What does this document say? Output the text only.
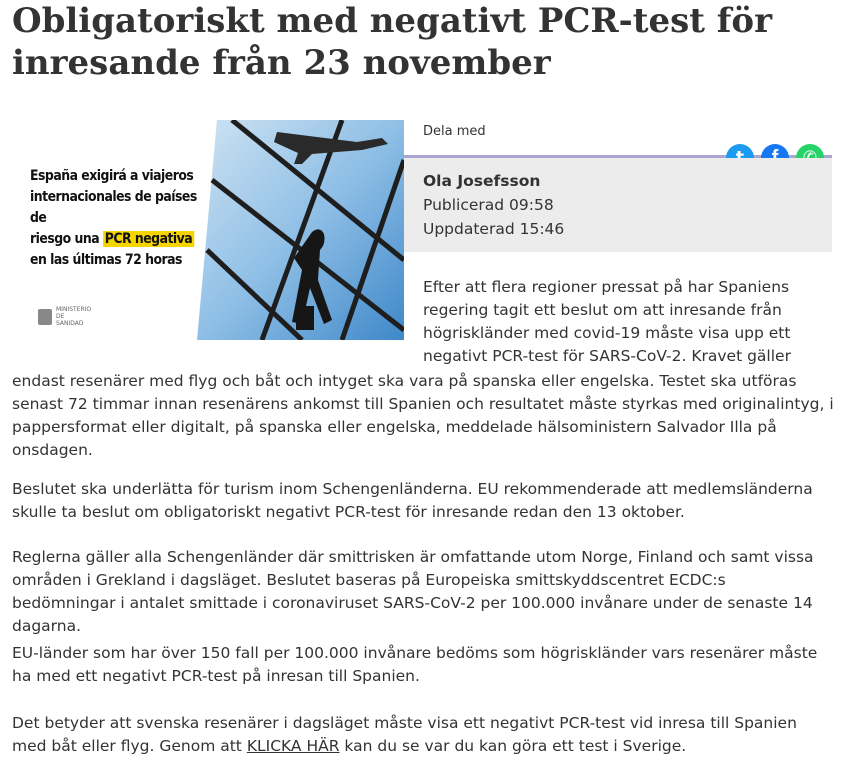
Obligatoriskt med negativt PCR-test för inresande från 23 november
España exigirá a viajeros
internacionales de países de
riesgo una PCR negativa
en las últimas 72 horas
MINISTERIO DE SANIDAD
Dela med
Ola Josefsson
Publicerad 09:58
Uppdaterad 15:46

Efter att flera regioner pressat på har Spaniens regering tagit ett beslut om att inresande från högriskländer med covid-19 måste visa upp ett negativt PCR-test för SARS-CoV-2. Kravet gäller

endast resenärer med flyg och båt och intyget ska vara på spanska eller engelska. Testet ska utföras senast 72 timmar innan resenärens ankomst till Spanien och resultatet måste styrkas med originalintyg, i pappersformat eller digitalt, på spanska eller engelska, meddelade hälsoministern Salvador Illa på onsdagen.

Beslutet ska underlätta för turism inom Schengenländerna. EU rekommenderade att medlemsländerna skulle ta beslut om obligatoriskt negativt PCR-test för inresande redan den 13 oktober.

Reglerna gäller alla Schengenländer där smittrisken är omfattande utom Norge, Finland och samt vissa områden i Grekland i dagsläget. Beslutet baseras på Europeiska smittskyddscentret ECDC:s bedömningar i antalet smittade i coronaviruset SARS-CoV-2 per 100.000 invånare under de senaste 14 dagarna.

EU-länder som har över 150 fall per 100.000 invånare bedöms som högriskländer vars resenärer måste ha med ett negativt PCR-test på inresan till Spanien.

Det betyder att svenska resenärer i dagsläget måste visa ett negativt PCR-test vid inresa till Spanien med båt eller flyg. Genom att KLICKA HÄR kan du se var du kan göra ett test i Sverige.
